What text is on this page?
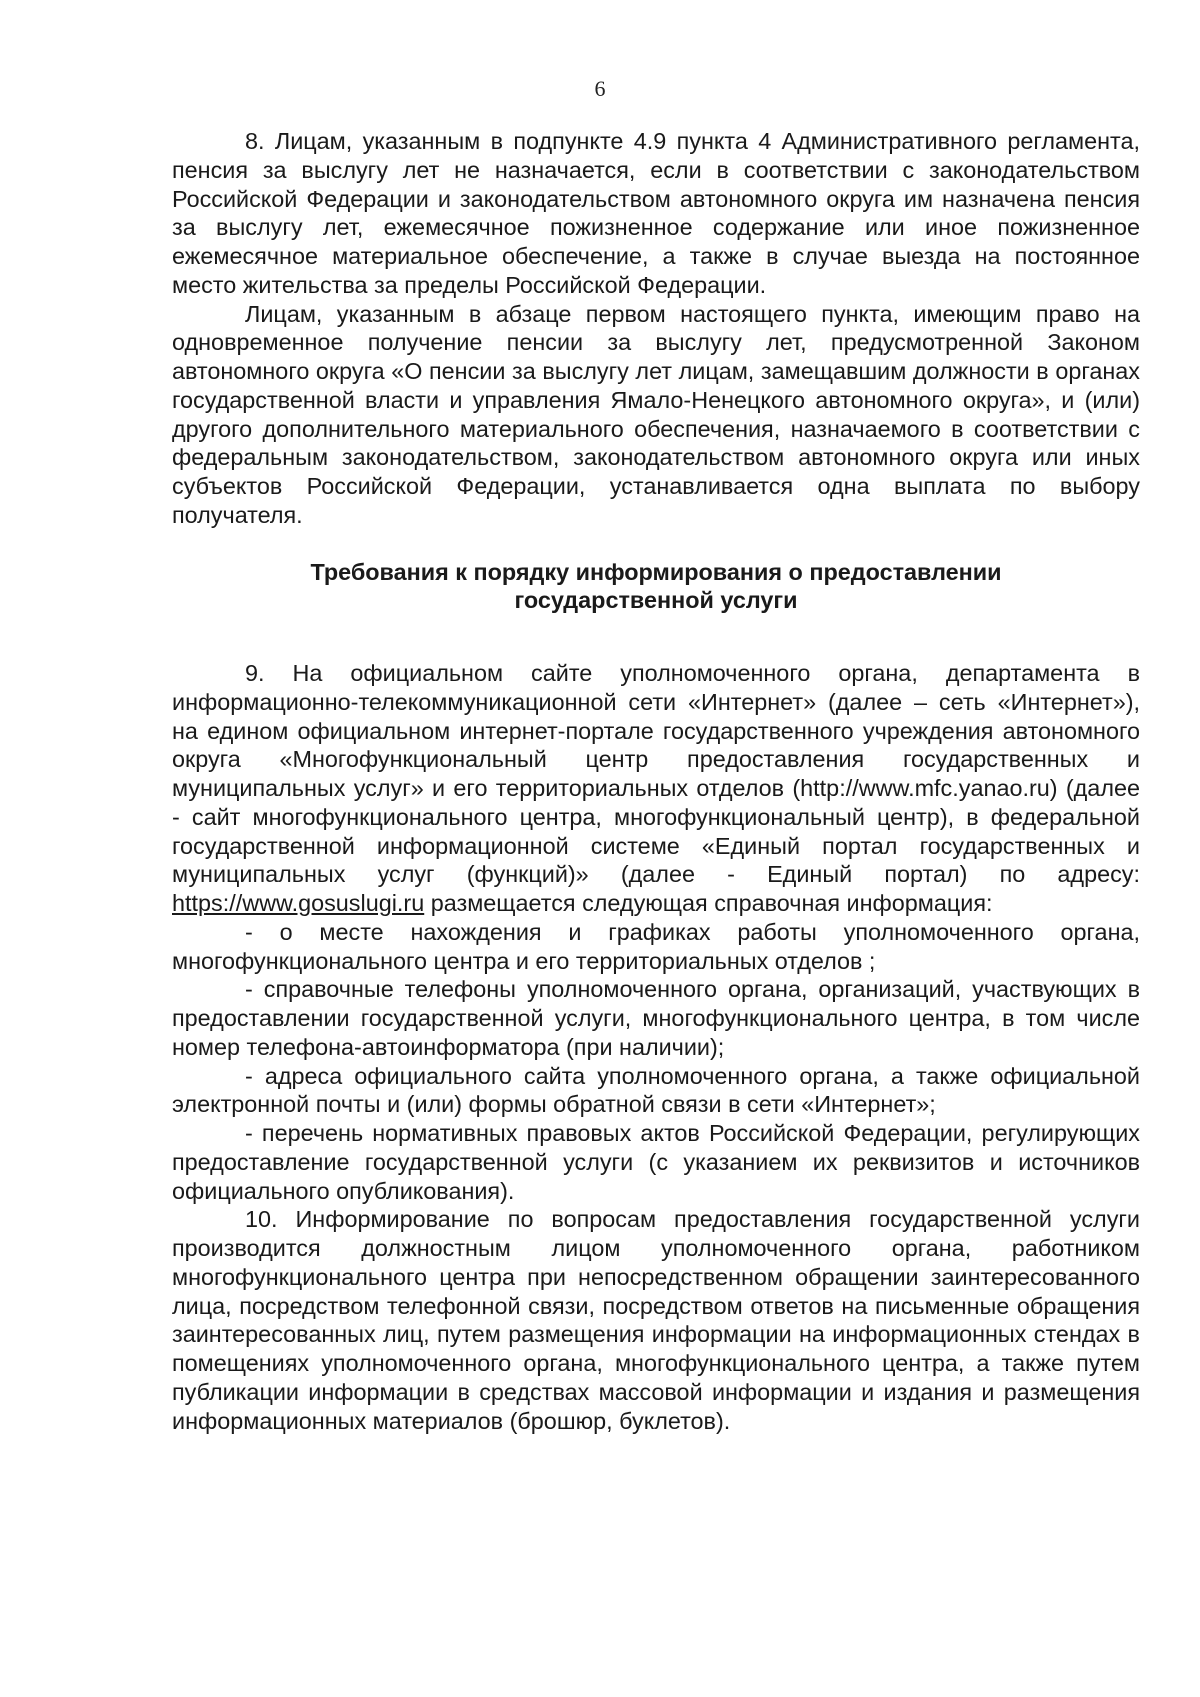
6

8. Лицам, указанным в подпункте 4.9 пункта 4 Административного регламента, пенсия за выслугу лет не назначается, если в соответствии с законодательством Российской Федерации и законодательством автономного округа им назначена пенсия за выслугу лет, ежемесячное пожизненное содержание или иное пожизненное ежемесячное материальное обеспечение, а также в случае выезда на постоянное место жительства за пределы Российской Федерации.

Лицам, указанным в абзаце первом настоящего пункта, имеющим право на одновременное получение пенсии за выслугу лет, предусмотренной Законом автономного округа «О пенсии за выслугу лет лицам, замещавшим должности в органах государственной власти и управления Ямало-Ненецкого автономного округа», и (или) другого дополнительного материального обеспечения, назначаемого в соответствии с федеральным законодательством, законодательством автономного округа или иных субъектов Российской Федерации, устанавливается одна выплата по выбору получателя.

Требования к порядку информирования о предоставлении
государственной услуги

9. На официальном сайте уполномоченного органа, департамента в информационно-телекоммуникационной сети «Интернет» (далее – сеть «Интернет»), на едином официальном интернет-портале государственного учреждения автономного округа «Многофункциональный центр предоставления государственных и муниципальных услуг» и его территориальных отделов (http://www.mfc.yanao.ru) (далее - сайт многофункционального центра, многофункциональный центр), в федеральной государственной информационной системе «Единый портал государственных и муниципальных услуг (функций)» (далее - Единый портал) по адресу: https://www.gosuslugi.ru размещается следующая справочная информация:

- о месте нахождения и графиках работы уполномоченного органа, многофункционального центра и его территориальных отделов ;

- справочные телефоны уполномоченного органа, организаций, участвующих в предоставлении государственной услуги, многофункционального центра, в том числе номер телефона-автоинформатора (при наличии);

- адреса официального сайта уполномоченного органа, а также официальной электронной почты и (или) формы обратной связи в сети «Интернет»;

- перечень нормативных правовых актов Российской Федерации, регулирующих предоставление государственной услуги (с указанием их реквизитов и источников официального опубликования).

10. Информирование по вопросам предоставления государственной услуги производится должностным лицом уполномоченного органа, работником многофункционального центра при непосредственном обращении заинтересованного лица, посредством телефонной связи, посредством ответов на письменные обращения заинтересованных лиц, путем размещения информации на информационных стендах в помещениях уполномоченного органа, многофункционального центра, а также путем публикации информации в средствах массовой информации и издания и размещения информационных материалов (брошюр, буклетов).
